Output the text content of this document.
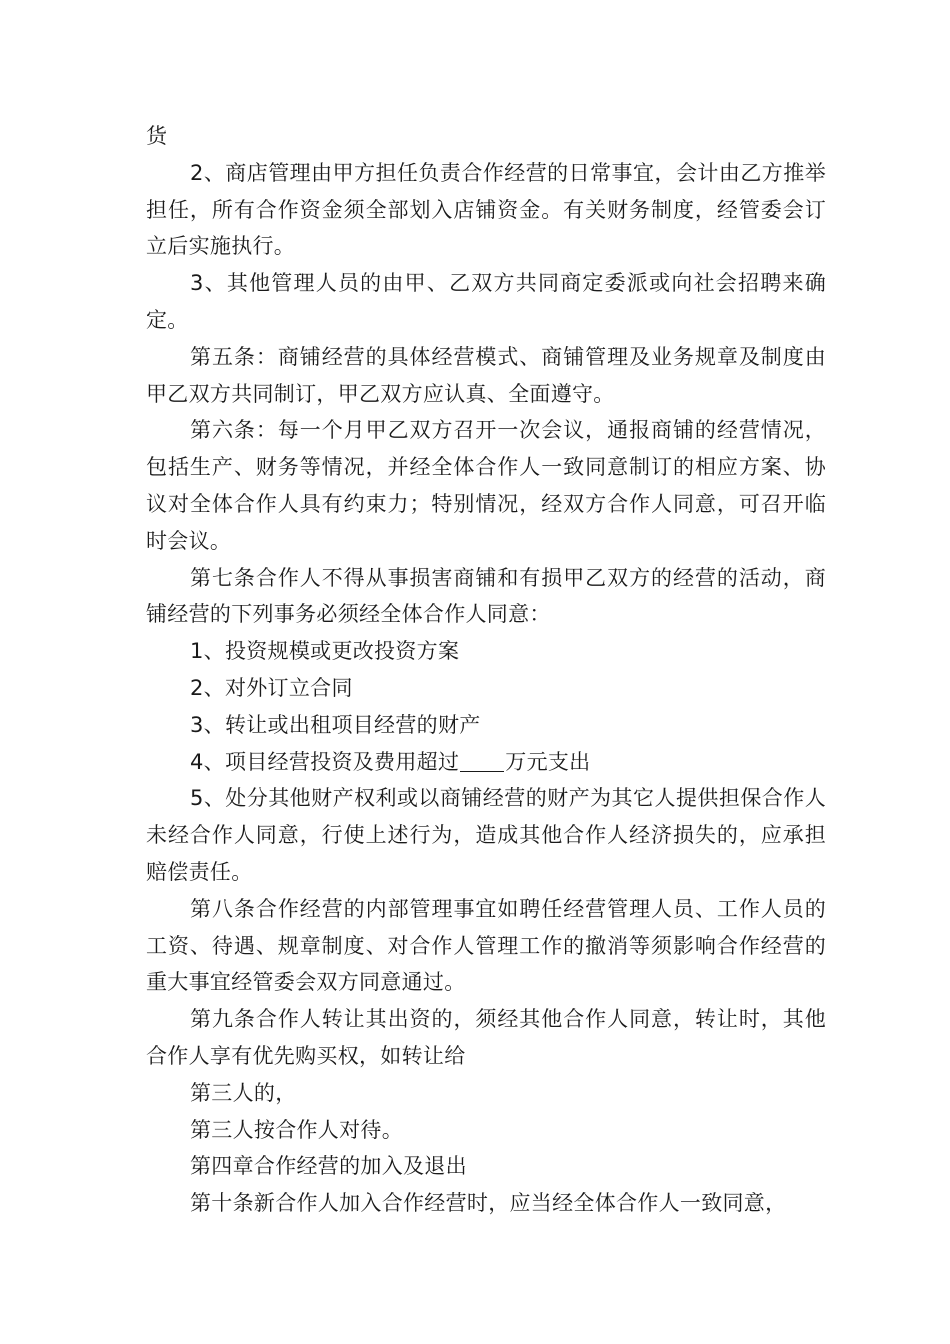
货

2、商店管理由甲方担任负责合作经营的日常事宜，会计由乙方推举担任，所有合作资金须全部划入店铺资金。有关财务制度，经管委会订立后实施执行。

3、其他管理人员的由甲、乙双方共同商定委派或向社会招聘来确定。

第五条：商铺经营的具体经营模式、商铺管理及业务规章及制度由甲乙双方共同制订，甲乙双方应认真、全面遵守。

第六条：每一个月甲乙双方召开一次会议，通报商铺的经营情况，包括生产、财务等情况，并经全体合作人一致同意制订的相应方案、协议对全体合作人具有约束力；特别情况，经双方合作人同意，可召开临时会议。

第七条合作人不得从事损害商铺和有损甲乙双方的经营的活动，商铺经营的下列事务必须经全体合作人同意：

1、投资规模或更改投资方案

2、对外订立合同

3、转让或出租项目经营的财产

4、项目经营投资及费用超过 万元支出

5、处分其他财产权利或以商铺经营的财产为其它人提供担保合作人未经合作人同意，行使上述行为，造成其他合作人经济损失的，应承担赔偿责任。

第八条合作经营的内部管理事宜如聘任经营管理人员、工作人员的工资、待遇、规章制度、对合作人管理工作的撤消等须影响合作经营的重大事宜经管委会双方同意通过。

第九条合作人转让其出资的，须经其他合作人同意，转让时，其他合作人享有优先购买权，如转让给

第三人的，

第三人按合作人对待。

第四章合作经营的加入及退出

第十条新合作人加入合作经营时，应当经全体合作人一致同意，
